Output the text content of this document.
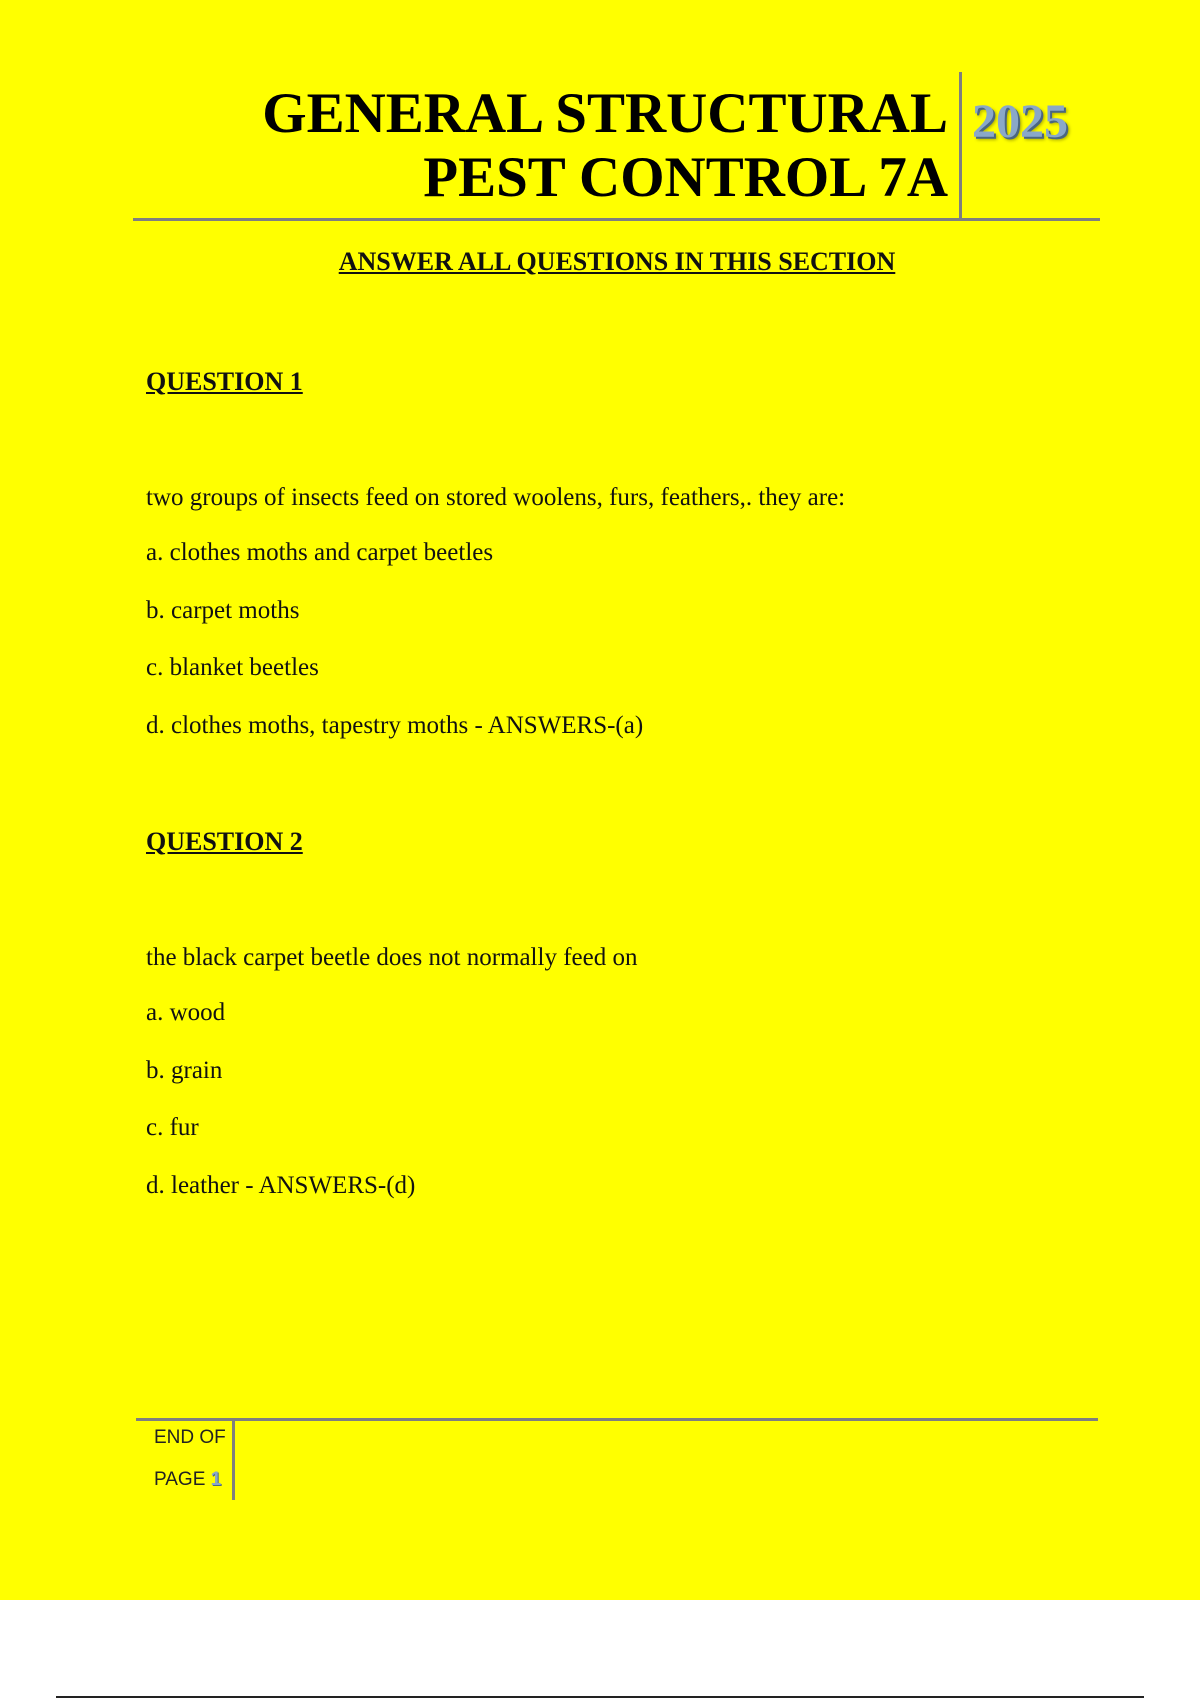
GENERAL STRUCTURAL
PEST CONTROL 7A
2025
ANSWER ALL QUESTIONS IN THIS SECTION
QUESTION 1
two groups of insects feed on stored woolens, furs, feathers,. they are:
a. clothes moths and carpet beetles
b. carpet moths
c. blanket beetles
d. clothes moths, tapestry moths - ANSWERS-(a)
QUESTION 2
the black carpet beetle does not normally feed on
a. wood
b. grain
c. fur
d. leather - ANSWERS-(d)
END OF
PAGE 1
